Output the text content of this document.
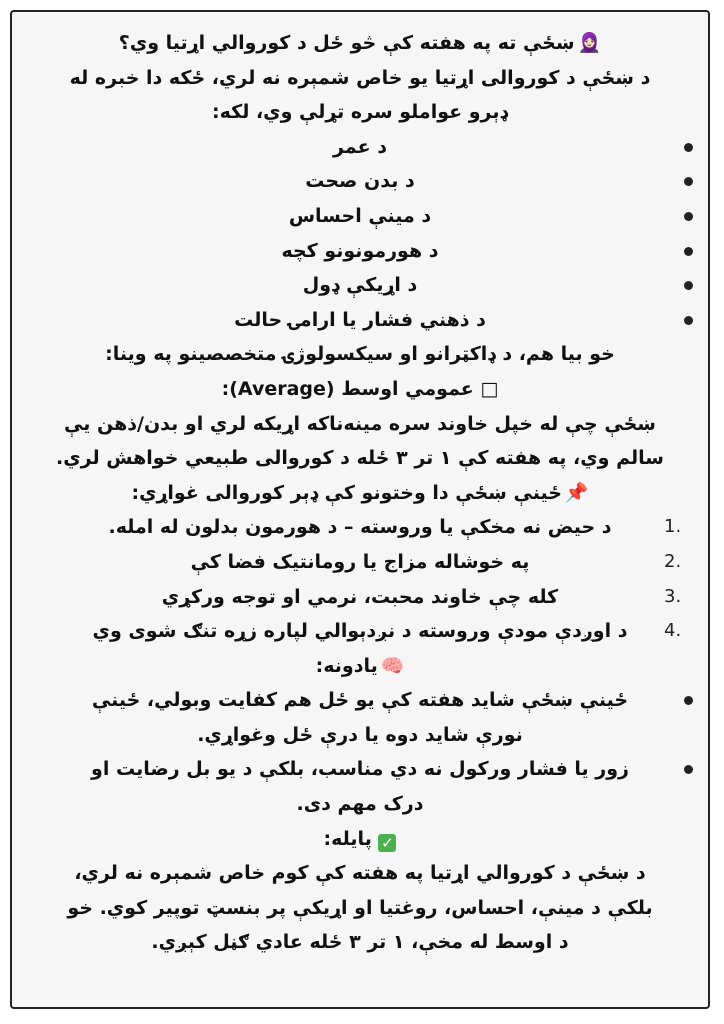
🧕🏻 ښځې ته په هفته کې څو ځل د کوروالي اړتیا وي؟

د ښځې د کوروالی اړتیا یو خاص شمېره نه لري، ځکه دا خبره له

ډېرو عواملو سره تړلې وي، لکه:

د عمر
د بدن صحت
د مينې احساس
د هورمونونو کچه
د اړیکې ډول
د ذهني فشار یا ارامۍ حالت

خو بیا هم، د ډاکټرانو او سیکسولوژۍ متخصصینو په وینا:

□ عمومي اوسط (Average):

ښځې چې له خپل خاوند سره مینه‌ناکه اړیکه لري او بدن/ذهن یې

سالم وي، په هفته کې ۱ تر ۳ ځله د کوروالی طبیعي خواهش لري.

📌 ځینې ښځې دا وختونو کې ډېر کوروالی غواړي:

1.
د حیض نه مخکې یا وروسته – د هورمون بدلون له امله.
2.
په خوشاله مزاج یا رومانتیک فضا کې
3.
کله چې خاوند محبت، نرمي او توجه ورکړي
4.
د اوږدې مودې وروسته د نږدېوالي لپاره زړه تنګ شوی وي

🧠 یادونه:

ځینې ښځې شاید هفته کې یو ځل هم کفایت وبولي، ځینې نورې شاید دوه یا درې ځل وغواړي.
زور یا فشار ورکول نه دي مناسب، بلکې د یو بل رضایت او درک مهم دی.

✓ پایله:

د ښځې د کوروالي اړتیا په هفته کې کوم خاص شمېره نه لري،

بلکې د مینې، احساس، روغتیا او اړیکې پر بنسټ توپیر کوي. خو

د اوسط له مخې، ۱ تر ۳ ځله عادي ګڼل کېږي.
